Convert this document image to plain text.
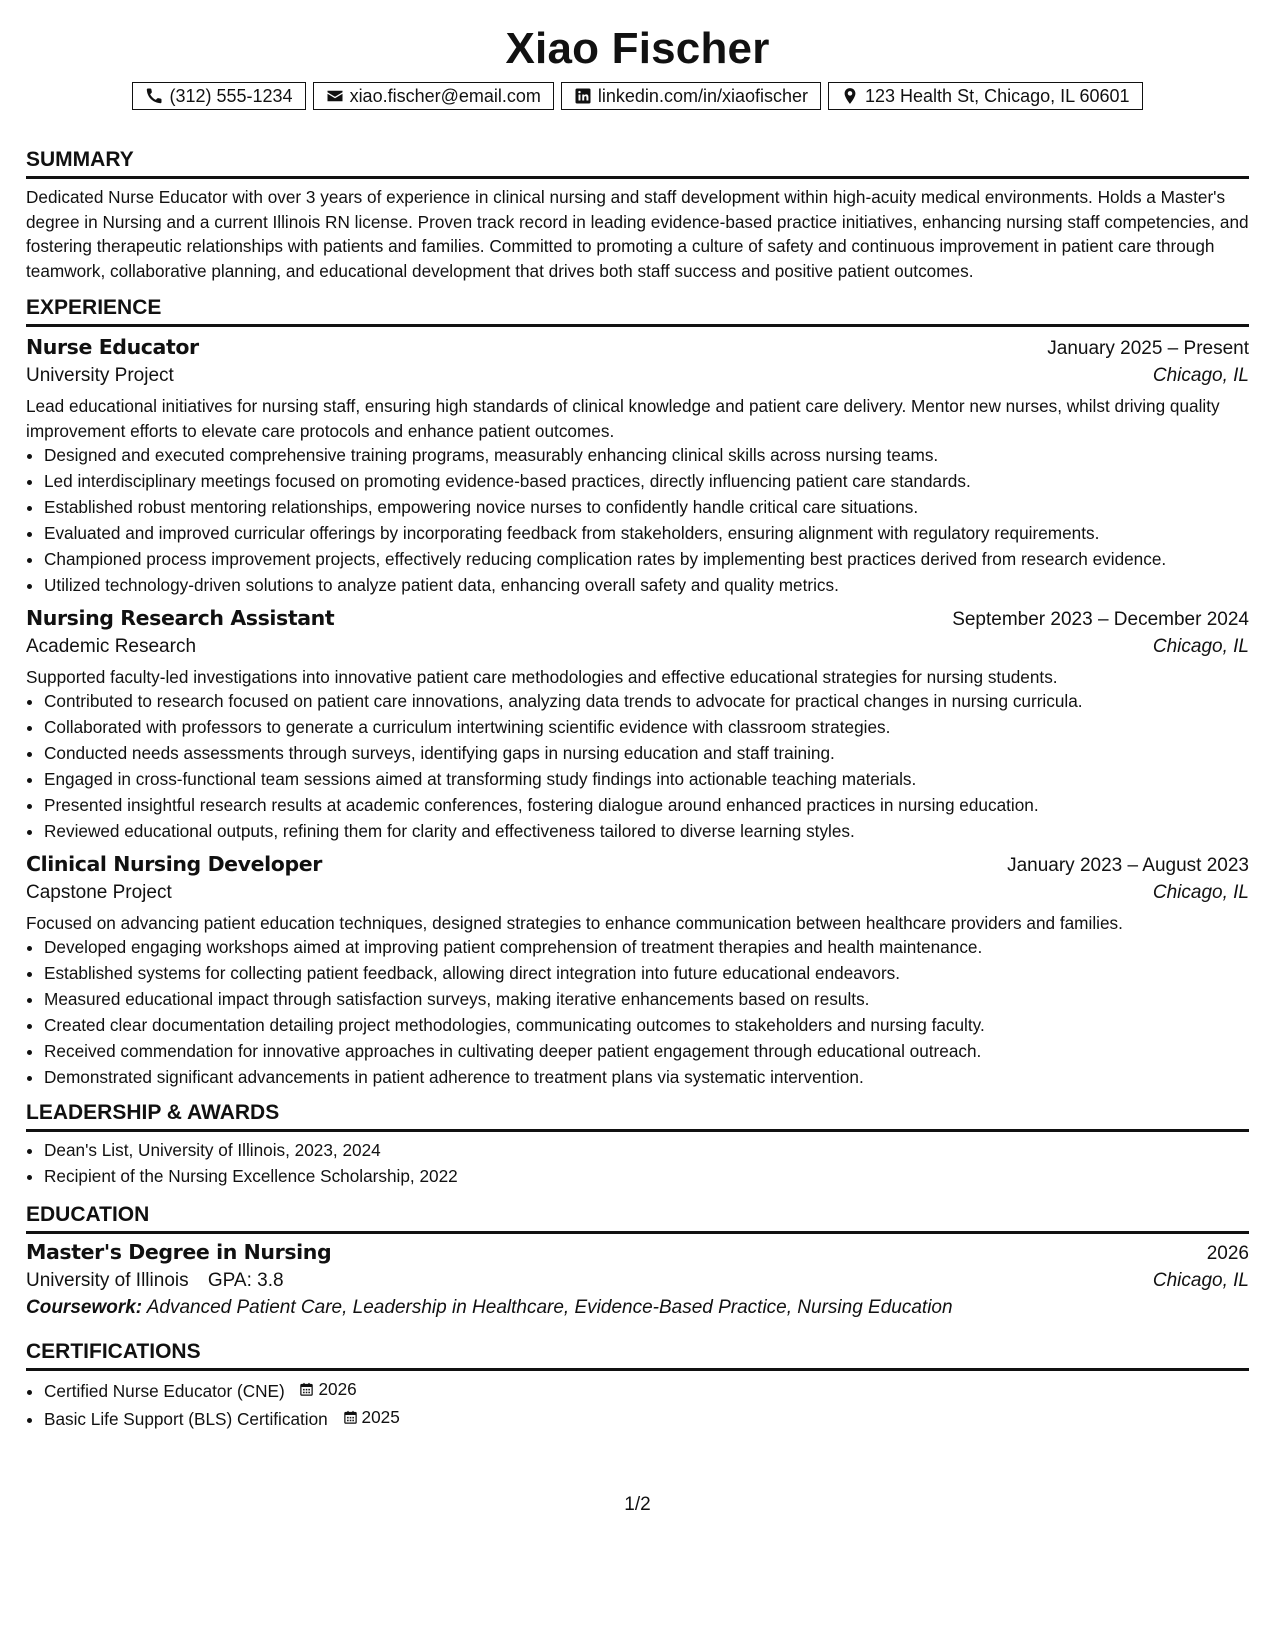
Xiao Fischer
(312) 555-1234	xiao.fischer@email.com	linkedin.com/in/xiaofischer	123 Health St, Chicago, IL 60601
SUMMARY

Dedicated Nurse Educator with over 3 years of experience in clinical nursing and staff development within high-acuity medical environments. Holds a Master's degree in Nursing and a current Illinois RN license. Proven track record in leading evidence-based practice initiatives, enhancing nursing staff competencies, and fostering therapeutic relationships with patients and families. Committed to promoting a culture of safety and continuous improvement in patient care through teamwork, collaborative planning, and educational development that drives both staff success and positive patient outcomes.

EXPERIENCE
Nurse Educator	January 2025 – Present
University Project	Chicago, IL
Lead educational initiatives for nursing staff, ensuring high standards of clinical knowledge and patient care delivery. Mentor new nurses, whilst driving quality improvement efforts to elevate care protocols and enhance patient outcomes.
• Designed and executed comprehensive training programs, measurably enhancing clinical skills across nursing teams.
• Led interdisciplinary meetings focused on promoting evidence-based practices, directly influencing patient care standards.
• Established robust mentoring relationships, empowering novice nurses to confidently handle critical care situations.
• Evaluated and improved curricular offerings by incorporating feedback from stakeholders, ensuring alignment with regulatory requirements.
• Championed process improvement projects, effectively reducing complication rates by implementing best practices derived from research evidence.
• Utilized technology-driven solutions to analyze patient data, enhancing overall safety and quality metrics.
Nursing Research Assistant	September 2023 – December 2024
Academic Research	Chicago, IL
Supported faculty-led investigations into innovative patient care methodologies and effective educational strategies for nursing students.
• Contributed to research focused on patient care innovations, analyzing data trends to advocate for practical changes in nursing curricula.
• Collaborated with professors to generate a curriculum intertwining scientific evidence with classroom strategies.
• Conducted needs assessments through surveys, identifying gaps in nursing education and staff training.
• Engaged in cross-functional team sessions aimed at transforming study findings into actionable teaching materials.
• Presented insightful research results at academic conferences, fostering dialogue around enhanced practices in nursing education.
• Reviewed educational outputs, refining them for clarity and effectiveness tailored to diverse learning styles.
Clinical Nursing Developer	January 2023 – August 2023
Capstone Project	Chicago, IL
Focused on advancing patient education techniques, designed strategies to enhance communication between healthcare providers and families.
• Developed engaging workshops aimed at improving patient comprehension of treatment therapies and health maintenance.
• Established systems for collecting patient feedback, allowing direct integration into future educational endeavors.
• Measured educational impact through satisfaction surveys, making iterative enhancements based on results.
• Created clear documentation detailing project methodologies, communicating outcomes to stakeholders and nursing faculty.
• Received commendation for innovative approaches in cultivating deeper patient engagement through educational outreach.
• Demonstrated significant advancements in patient adherence to treatment plans via systematic intervention.
LEADERSHIP & AWARDS
• Dean's List, University of Illinois, 2023, 2024
• Recipient of the Nursing Excellence Scholarship, 2022
EDUCATION
Master's Degree in Nursing	2026
University of Illinois GPA: 3.8	Chicago, IL
Coursework: Advanced Patient Care, Leadership in Healthcare, Evidence-Based Practice, Nursing Education
CERTIFICATIONS
• Certified Nurse Educator (CNE) 2026
• Basic Life Support (BLS) Certification 2025
1/2
